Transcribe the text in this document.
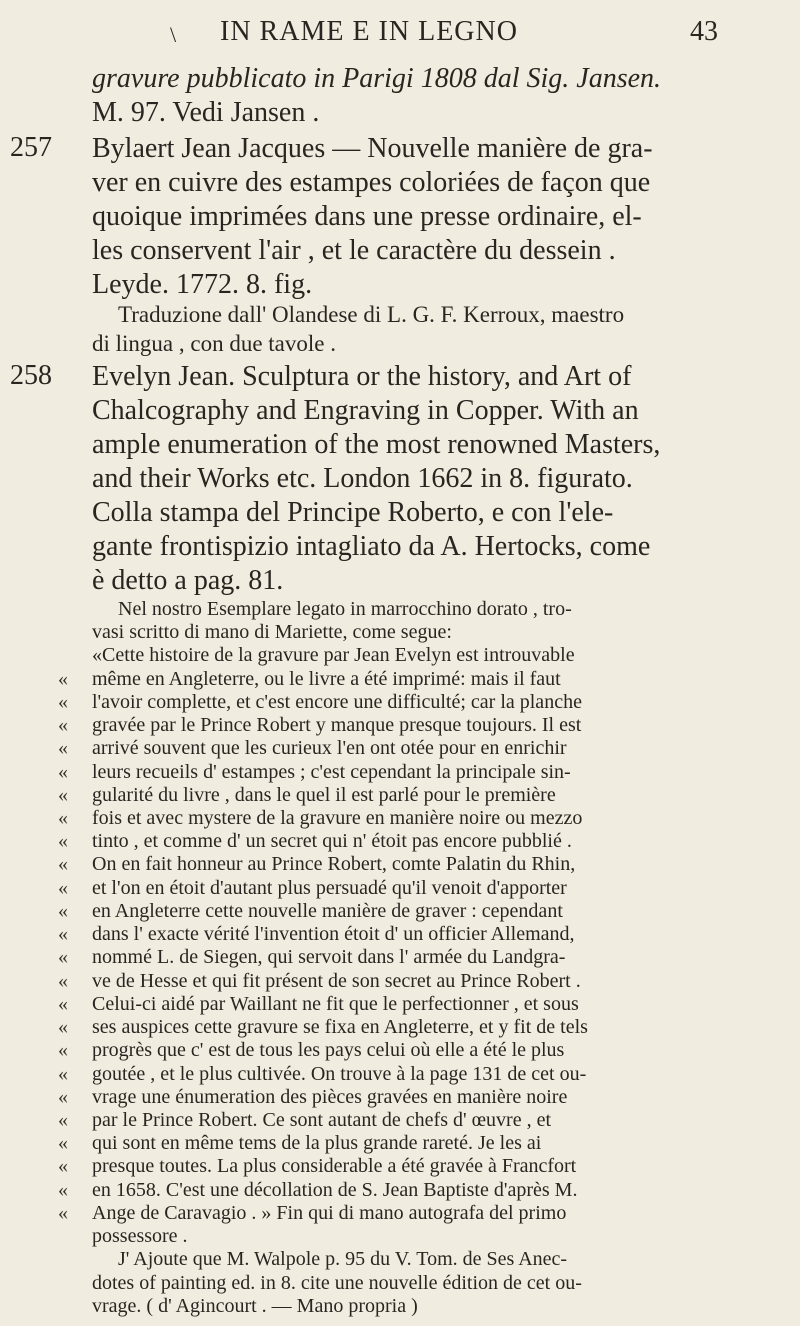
\ IN RAME E IN LEGNO	43
gravure pubblicato in Parigi 1808 dal Sig. Jansen.
M. 97. Vedi Jansen .
257 Bylaert Jean Jacques — Nouvelle manière de gra-
ver en cuivre des estampes coloriées de façon que
quoique imprimées dans une presse ordinaire, el-
les conservent l'air , et le caractère du dessein .
Leyde. 1772. 8. fig.
Traduzione dall' Olandese di L. G. F. Kerroux, maestro
di lingua , con due tavole .
258 Evelyn Jean. Sculptura or the history, and Art of
Chalcography and Engraving in Copper. With an
ample enumeration of the most renowned Masters,
and their Works etc. London 1662 in 8. figurato.
Colla stampa del Principe Roberto, e con l'ele-
gante frontispizio intagliato da A. Hertocks, come
è detto a pag. 81.
Nel nostro Esemplare legato in marrocchino dorato , tro-
vasi scritto di mano di Mariette, come segue:
«Cette histoire de la gravure par Jean Evelyn est introuvable
« même en Angleterre, ou le livre a été imprimé: mais il faut
« l'avoir complette, et c'est encore une difficulté; car la planche
« gravée par le Prince Robert y manque presque toujours. Il est
« arrivé souvent que les curieux l'en ont otée pour en enrichir
« leurs recueils d' estampes ; c'est cependant la principale sin-
« gularité du livre , dans le quel il est parlé pour le première
« fois et avec mystere de la gravure en manière noire ou mezzo
« tinto , et comme d' un secret qui n' étoit pas encore pubblié .
« On en fait honneur au Prince Robert, comte Palatin du Rhin,
« et l'on en étoit d'autant plus persuadé qu'il venoit d'apporter
« en Angleterre cette nouvelle manière de graver : cependant
« dans l' exacte vérité l'invention étoit d' un officier Allemand,
« nommé L. de Siegen, qui servoit dans l' armée du Landgra-
« ve de Hesse et qui fit présent de son secret au Prince Robert .
« Celui-ci aidé par Waillant ne fit que le perfectionner , et sous
« ses auspices cette gravure se fixa en Angleterre, et y fit de tels
« progrès que c' est de tous les pays celui où elle a été le plus
« goutée , et le plus cultivée. On trouve à la page 131 de cet ou-
« vrage une énumeration des pièces gravées en manière noire
« par le Prince Robert. Ce sont autant de chefs d' œuvre , et
« qui sont en même tems de la plus grande rareté. Je les ai
« presque toutes. La plus considerable a été gravée à Francfort
« en 1658. C'est une décollation de S. Jean Baptiste d'après M.
« Ange de Caravagio . » Fin qui di mano autografa del primo
possessore .
J' Ajoute que M. Walpole p. 95 du V. Tom. de Ses Anec-
dotes of painting ed. in 8. cite une nouvelle édition de cet ou-
vrage. ( d' Agincourt . — Mano propria )
